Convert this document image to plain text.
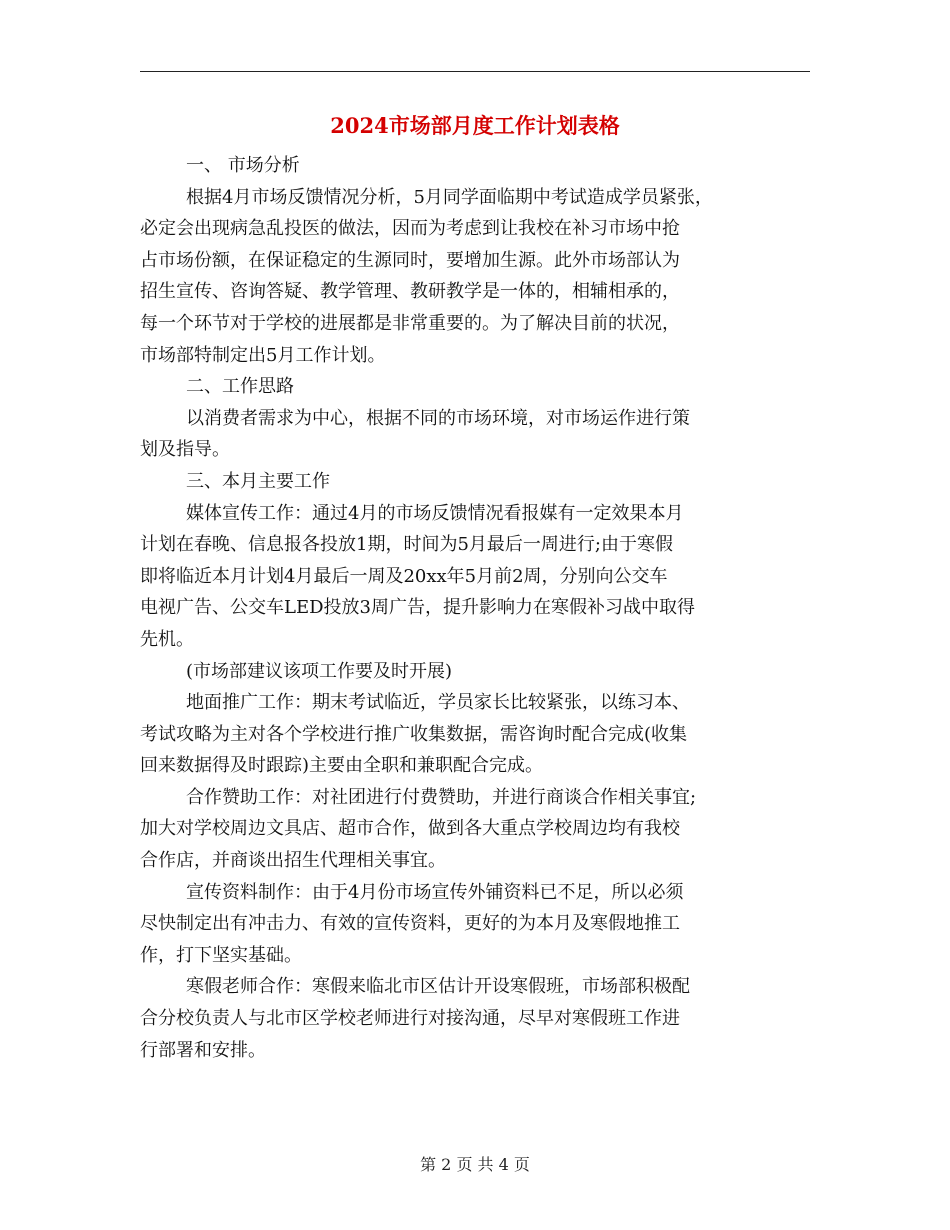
2024市场部月度工作计划表格

一、 市场分析

根据4月市场反馈情况分析，5月同学面临期中考试造成学员紧张，

必定会出现病急乱投医的做法，因而为考虑到让我校在补习市场中抢

占市场份额，在保证稳定的生源同时，要增加生源。此外市场部认为

招生宣传、咨询答疑、教学管理、教研教学是一体的，相辅相承的，

每一个环节对于学校的进展都是非常重要的。为了解决目前的状况，

市场部特制定出5月工作计划。

二、工作思路

以消费者需求为中心，根据不同的市场环境，对市场运作进行策

划及指导。

三、本月主要工作

媒体宣传工作：通过4月的市场反馈情况看报媒有一定效果本月

计划在春晚、信息报各投放1期，时间为5月最后一周进行;由于寒假

即将临近本月计划4月最后一周及20xx年5月前2周，分别向公交车

电视广告、公交车LED投放3周广告，提升影响力在寒假补习战中取得

先机。

(市场部建议该项工作要及时开展)

地面推广工作：期末考试临近，学员家长比较紧张，以练习本、

考试攻略为主对各个学校进行推广收集数据，需咨询时配合完成(收集

回来数据得及时跟踪)主要由全职和兼职配合完成。

合作赞助工作：对社团进行付费赞助，并进行商谈合作相关事宜;

加大对学校周边文具店、超市合作，做到各大重点学校周边均有我校

合作店，并商谈出招生代理相关事宜。

宣传资料制作：由于4月份市场宣传外铺资料已不足，所以必须

尽快制定出有冲击力、有效的宣传资料，更好的为本月及寒假地推工

作，打下坚实基础。

寒假老师合作：寒假来临北市区估计开设寒假班，市场部积极配

合分校负责人与北市区学校老师进行对接沟通，尽早对寒假班工作进

行部署和安排。

第 2 页 共 4 页
